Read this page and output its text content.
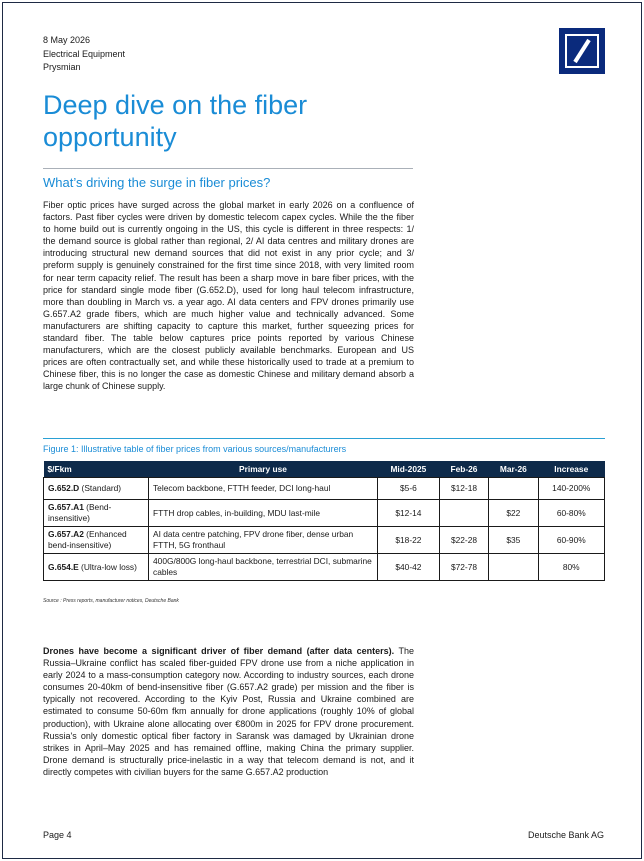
8 May 2026
Electrical Equipment
Prysmian
Deep dive on the fiber opportunity
What’s driving the surge in fiber prices?

Fiber optic prices have surged across the global market in early 2026 on a confluence of factors. Past fiber cycles were driven by domestic telecom capex cycles. While the the fiber to home build out is currently ongoing in the US, this cycle is different in three respects: 1/ the demand source is global rather than regional, 2/ AI data centres and military drones are introducing structural new demand sources that did not exist in any prior cycle; and 3/ preform supply is genuinely constrained for the first time since 2018, with very limited room for near term capacity relief. The result has been a sharp move in bare fiber prices, with the price for standard single mode fiber (G.652.D), used for long haul telecom infrastructure, more than doubling in March vs. a year ago. AI data centers and FPV drones primarily use G.657.A2 grade fibers, which are much higher value and technically advanced. Some manufacturers are shifting capacity to capture this market, further squeezing prices for standard fiber. The table below captures price points reported by various Chinese manufacturers, which are the closest publicly available benchmarks. European and US prices are often contractually set, and while these historically used to trade at a premium to Chinese fiber, this is no longer the case as domestic Chinese and military demand absorb a large chunk of Chinese supply.

Figure 1: Illustrative table of fiber prices from various sources/manufacturers
$/Fkm	Primary use	Mid-2025	Feb-26	Mar-26	Increase
G.652.D (Standard)	Telecom backbone, FTTH feeder, DCI long-haul	$5-6	$12-18		140-200%
G.657.A1 (Bend-insensitive)	FTTH drop cables, in-building, MDU last-mile	$12-14		$22	60-80%
G.657.A2 (Enhanced bend-insensitive)	AI data centre patching, FPV drone fiber, dense urban FTTH, 5G fronthaul	$18-22	$22-28	$35	60-90%
G.654.E (Ultra-low loss)	400G/800G long-haul backbone, terrestrial DCI, submarine cables	$40-42	$72-78		80%
Source : Press reports, manufacturer notices, Deutsche Bank

Drones have become a significant driver of fiber demand (after data centers). The Russia–Ukraine conflict has scaled fiber-guided FPV drone use from a niche application in early 2024 to a mass-consumption category now. According to industry sources, each drone consumes 20-40km of bend-insensitive fiber (G.657.A2 grade) per mission and the fiber is typically not recovered. According to the Kyiv Post, Russia and Ukraine combined are estimated to consume 50-60m fkm annually for drone applications (roughly 10% of global production), with Ukraine alone allocating over €800m in 2025 for FPV drone procurement. Russia's only domestic optical fiber factory in Saransk was damaged by Ukrainian drone strikes in April–May 2025 and has remained offline, making China the primary supplier. Drone demand is structurally price-inelastic in a way that telecom demand is not, and it directly competes with civilian buyers for the same G.657.A2 production

Page 4	Deutsche Bank AG
